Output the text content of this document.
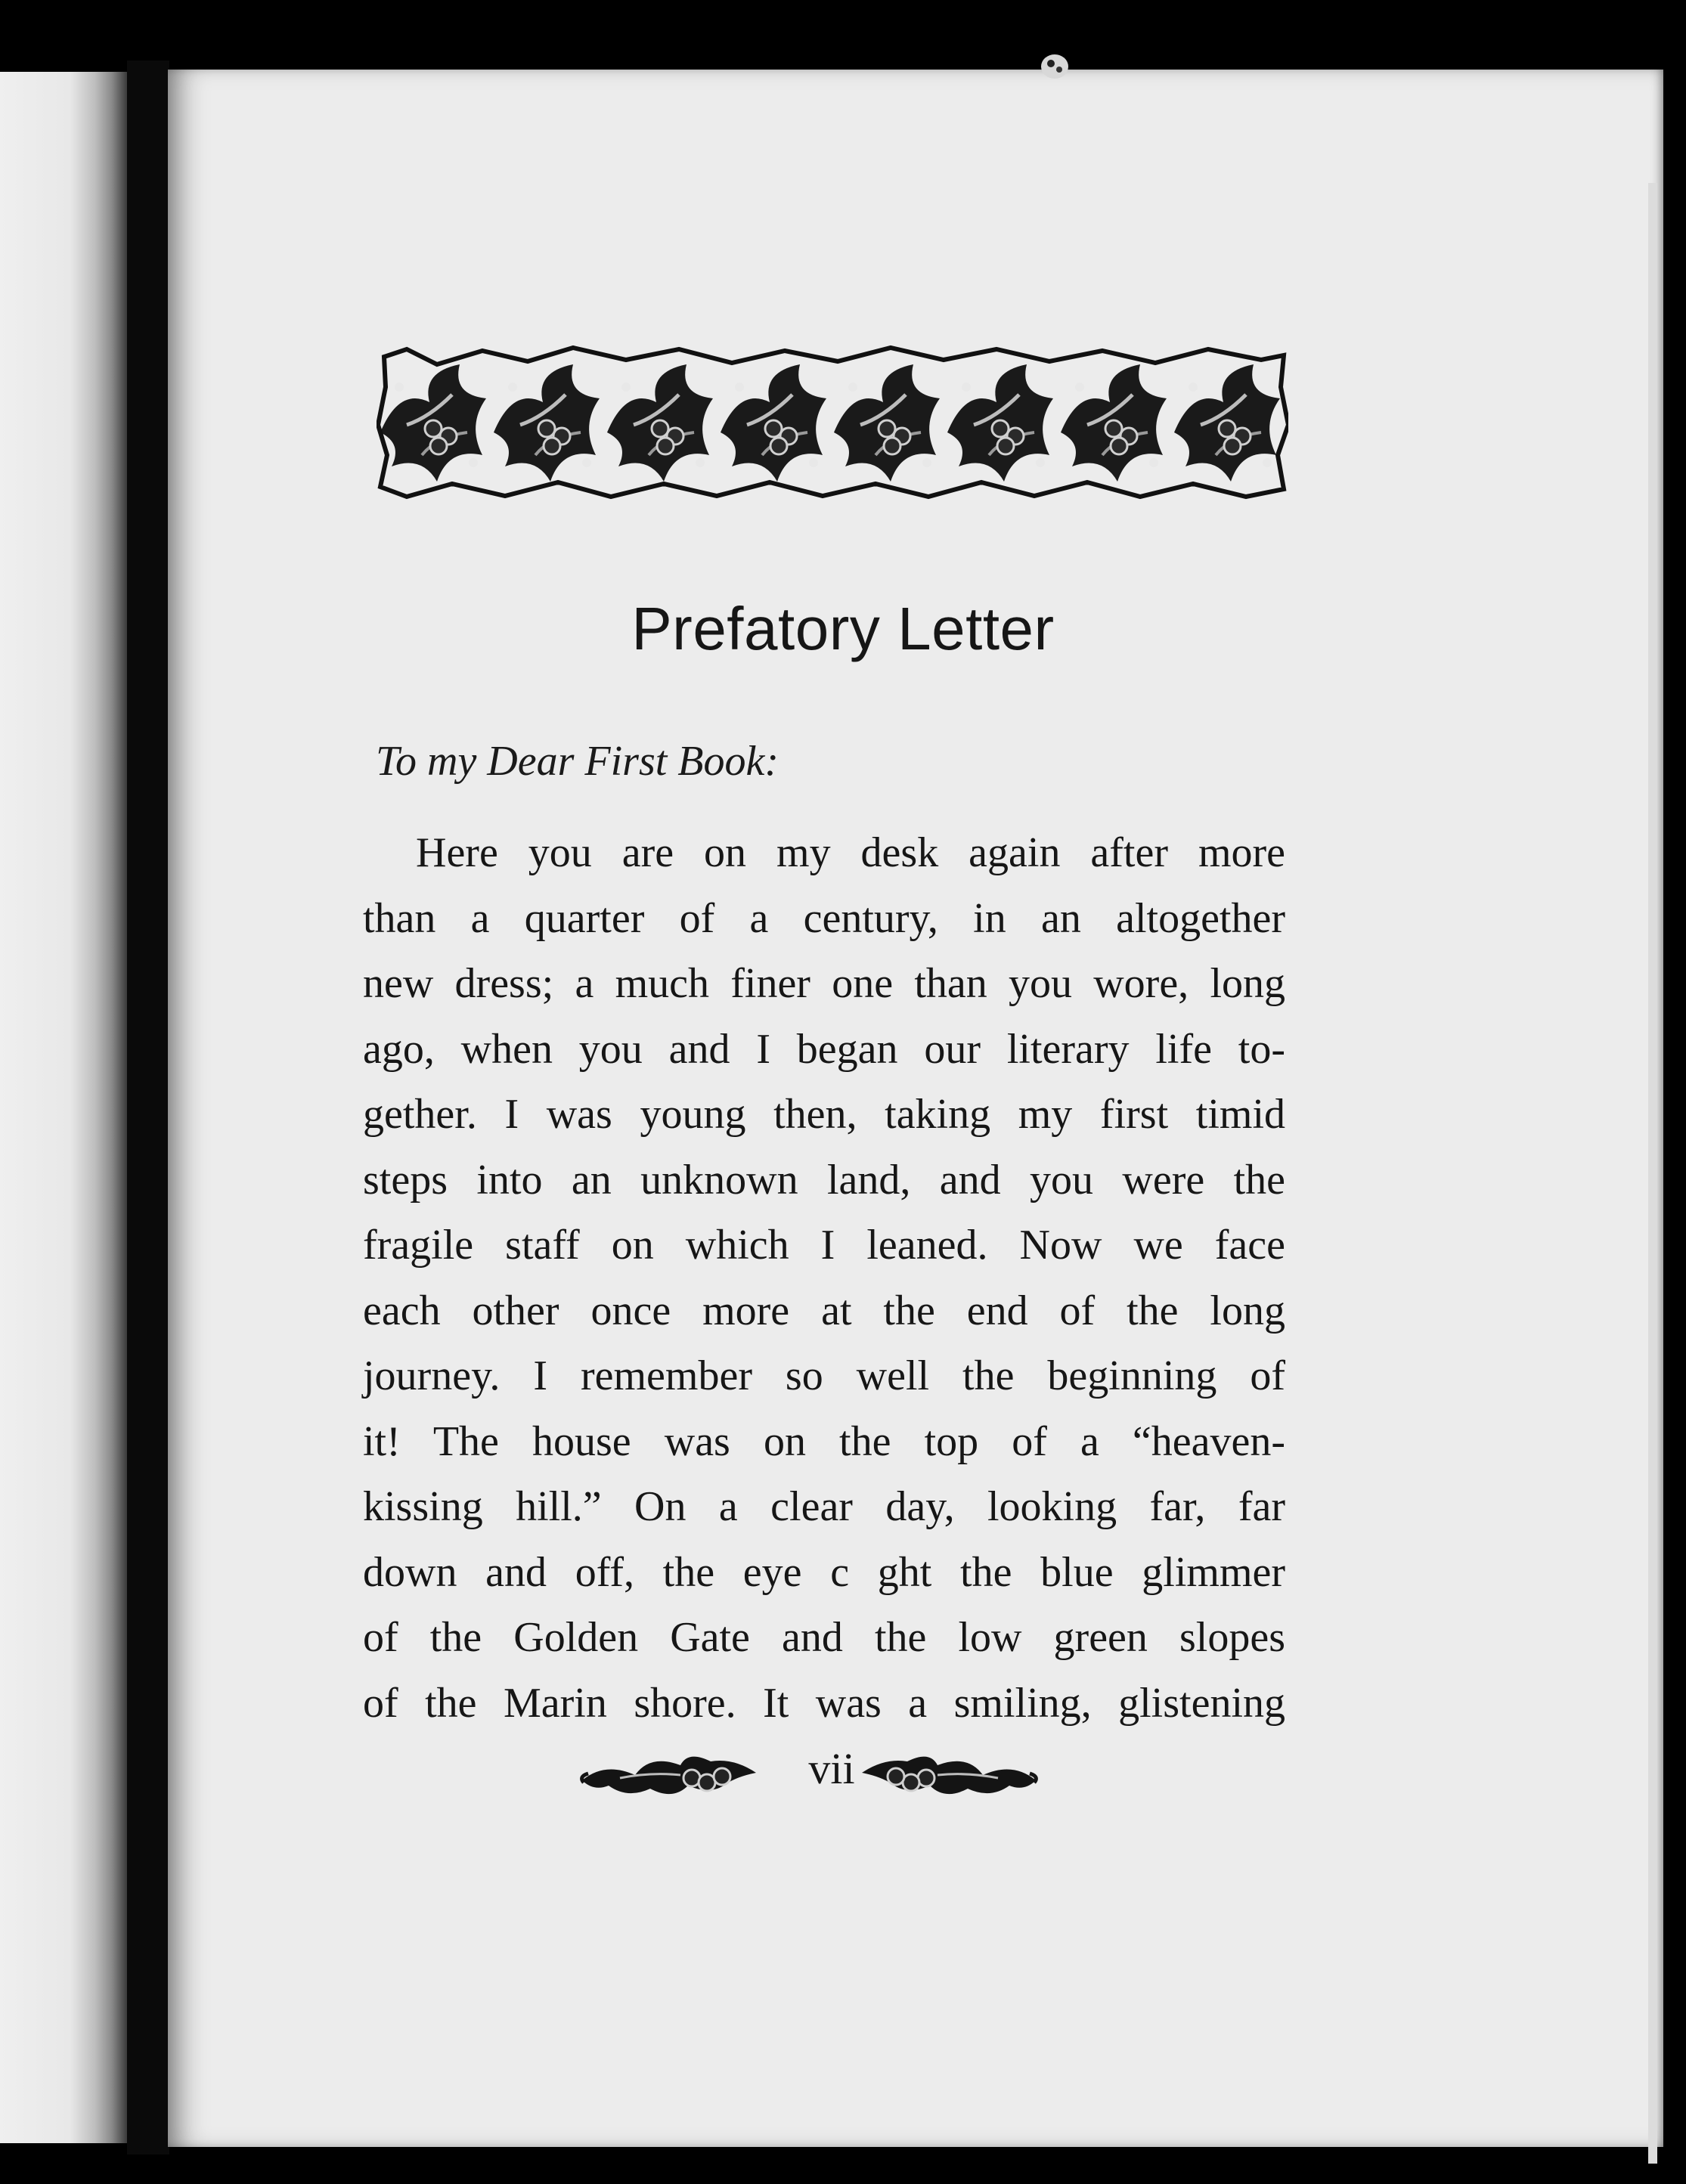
Prefatory Letter
To my Dear First Book:
Here you are on my desk again after more
than a quarter of a century, in an altogether
new dress; a much finer one than you wore, long
ago, when you and I began our literary life to-
gether. I was young then, taking my first timid
steps into an unknown land, and you were the
fragile staff on which I leaned. Now we face
each other once more at the end of the long
journey. I remember so well the beginning of
it! The house was on the top of a “heaven-
kissing hill.” On a clear day, looking far, far
down and off, the eye c ght the blue glimmer
of the Golden Gate and the low green slopes
of the Marin shore. It was a smiling, glistening
vii
